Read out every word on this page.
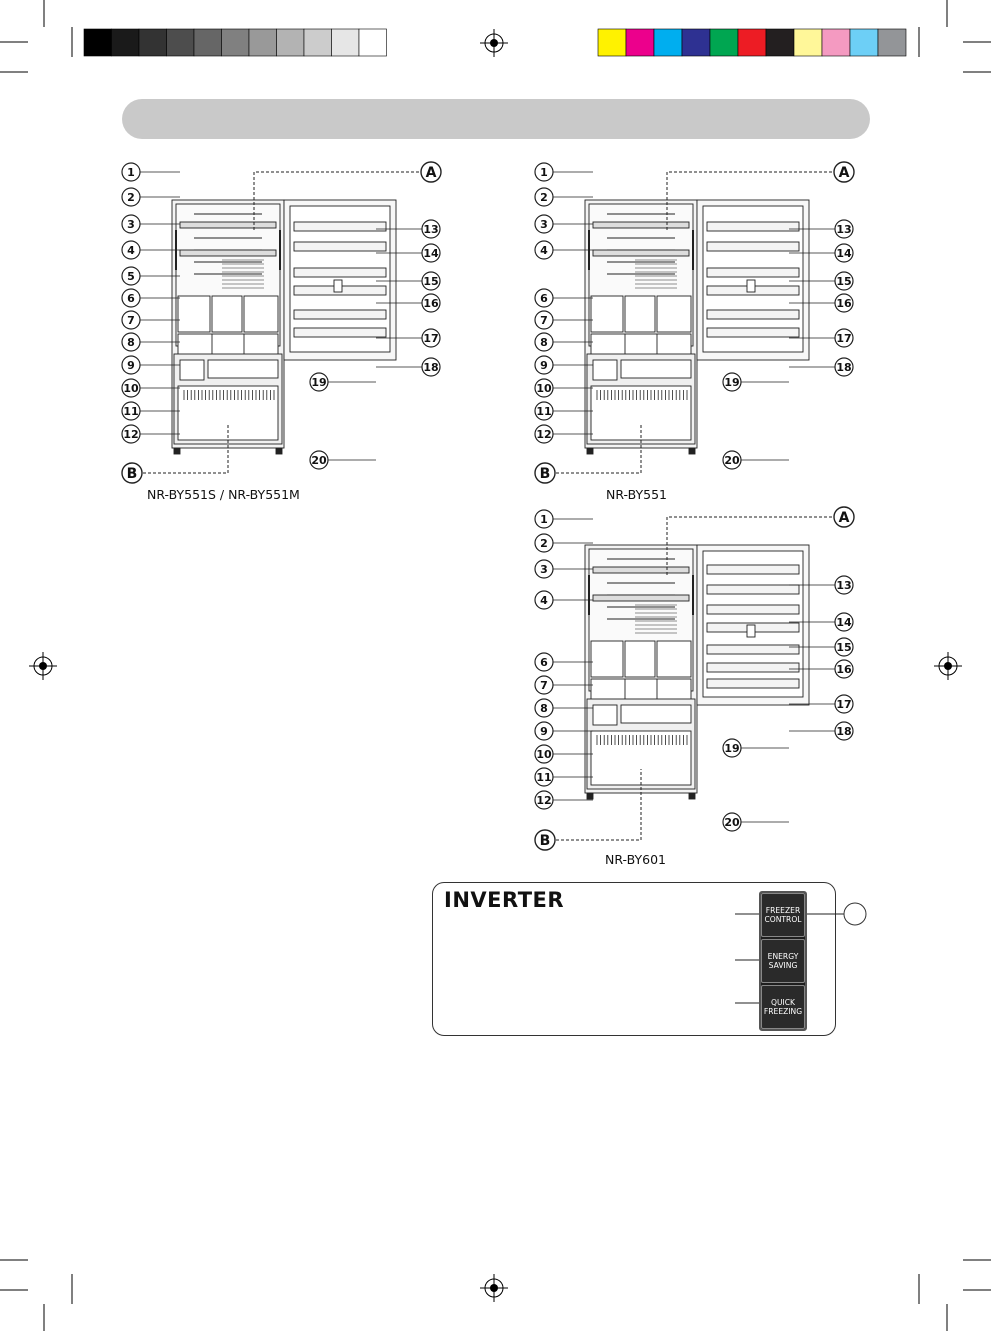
1
2
3
4
5
6
7
8
9
10
11
12
13
14
15
16
17
18
19
20
A
B
1
2
3
4
6
7
8
9
10
11
12
13
14
15
16
17
18
19
20
A
B
1
2
3
4
6
7
8
9
10
11
12
13
14
15
16
17
18
19
20
A
B
NR-BY551S / NR-BY551M	NR-BY551
NR-BY601
INVERTER	FREEZER
CONTROL
ENERGY
SAVING
QUICK
FREEZING
